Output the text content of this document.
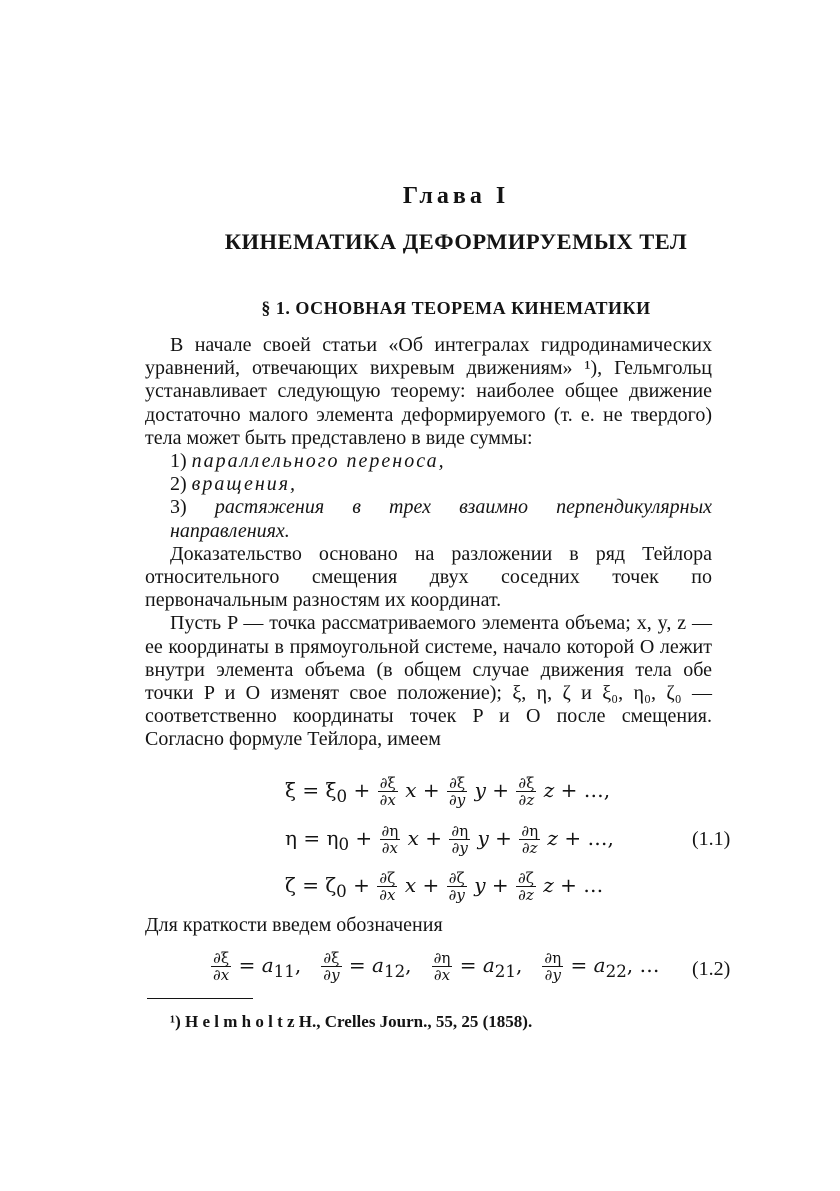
Глава I
КИНЕМАТИКА ДЕФОРМИРУЕМЫХ ТЕЛ
§ 1. ОСНОВНАЯ ТЕОРЕМА КИНЕМАТИКИ

В начале своей статьи «Об интегралах гидродинамических уравнений, отвечающих вихревым движениям» ¹), Гельмгольц устанавливает следующую теорему: наиболее общее движение достаточно малого элемента деформируемого (т. е. не твердого) тела может быть представлено в виде суммы:

1) параллельного переноса,

2) вращения,

3) растяжения в трех взаимно перпендикулярных направлениях.

Доказательство основано на разложении в ряд Тейлора относительного смещения двух соседних точек по первоначальным разностям их координат.

Пусть P — точка рассматриваемого элемента объема; x, y, z — ее координаты в прямоугольной системе, начало которой O лежит внутри элемента объема (в общем случае движения тела обе точки P и O изменят свое положение); ξ, η, ζ и ξ₀, η₀, ζ₀ — соответственно координаты точек P и O после смещения. Согласно формуле Тейлора, имеем

$\xi = \xi_0 + \frac{\partial\xi}{\partial x}$ $x + \frac{\partial\xi}{\partial y}$ $y + \frac{\partial\xi}{\partial z}$ z + …,
$\eta = \eta_0 + \frac{\partial\eta}{\partial x}$ $x + \frac{\partial\eta}{\partial y}$ $y + \frac{\partial\eta}{\partial z}$ z + …,	(1.1)
$\zeta = \zeta_0 + \frac{\partial\zeta}{\partial x}$ $x + \frac{\partial\zeta}{\partial y}$ $y + \frac{\partial\zeta}{\partial z}$ z + …

Для краткости введем обозначения

$\frac{\partial\xi}{\partial x} = a_{11}$, $\frac{\partial\xi}{\partial y} = a_{12}$, $\frac{\partial\eta}{\partial x} = a_{21}$, $\frac{\partial\eta}{\partial y} = a_{22}$, … (1.2)
¹) H e l m h o l t z H., Crelles Journ., 55, 25 (1858).
